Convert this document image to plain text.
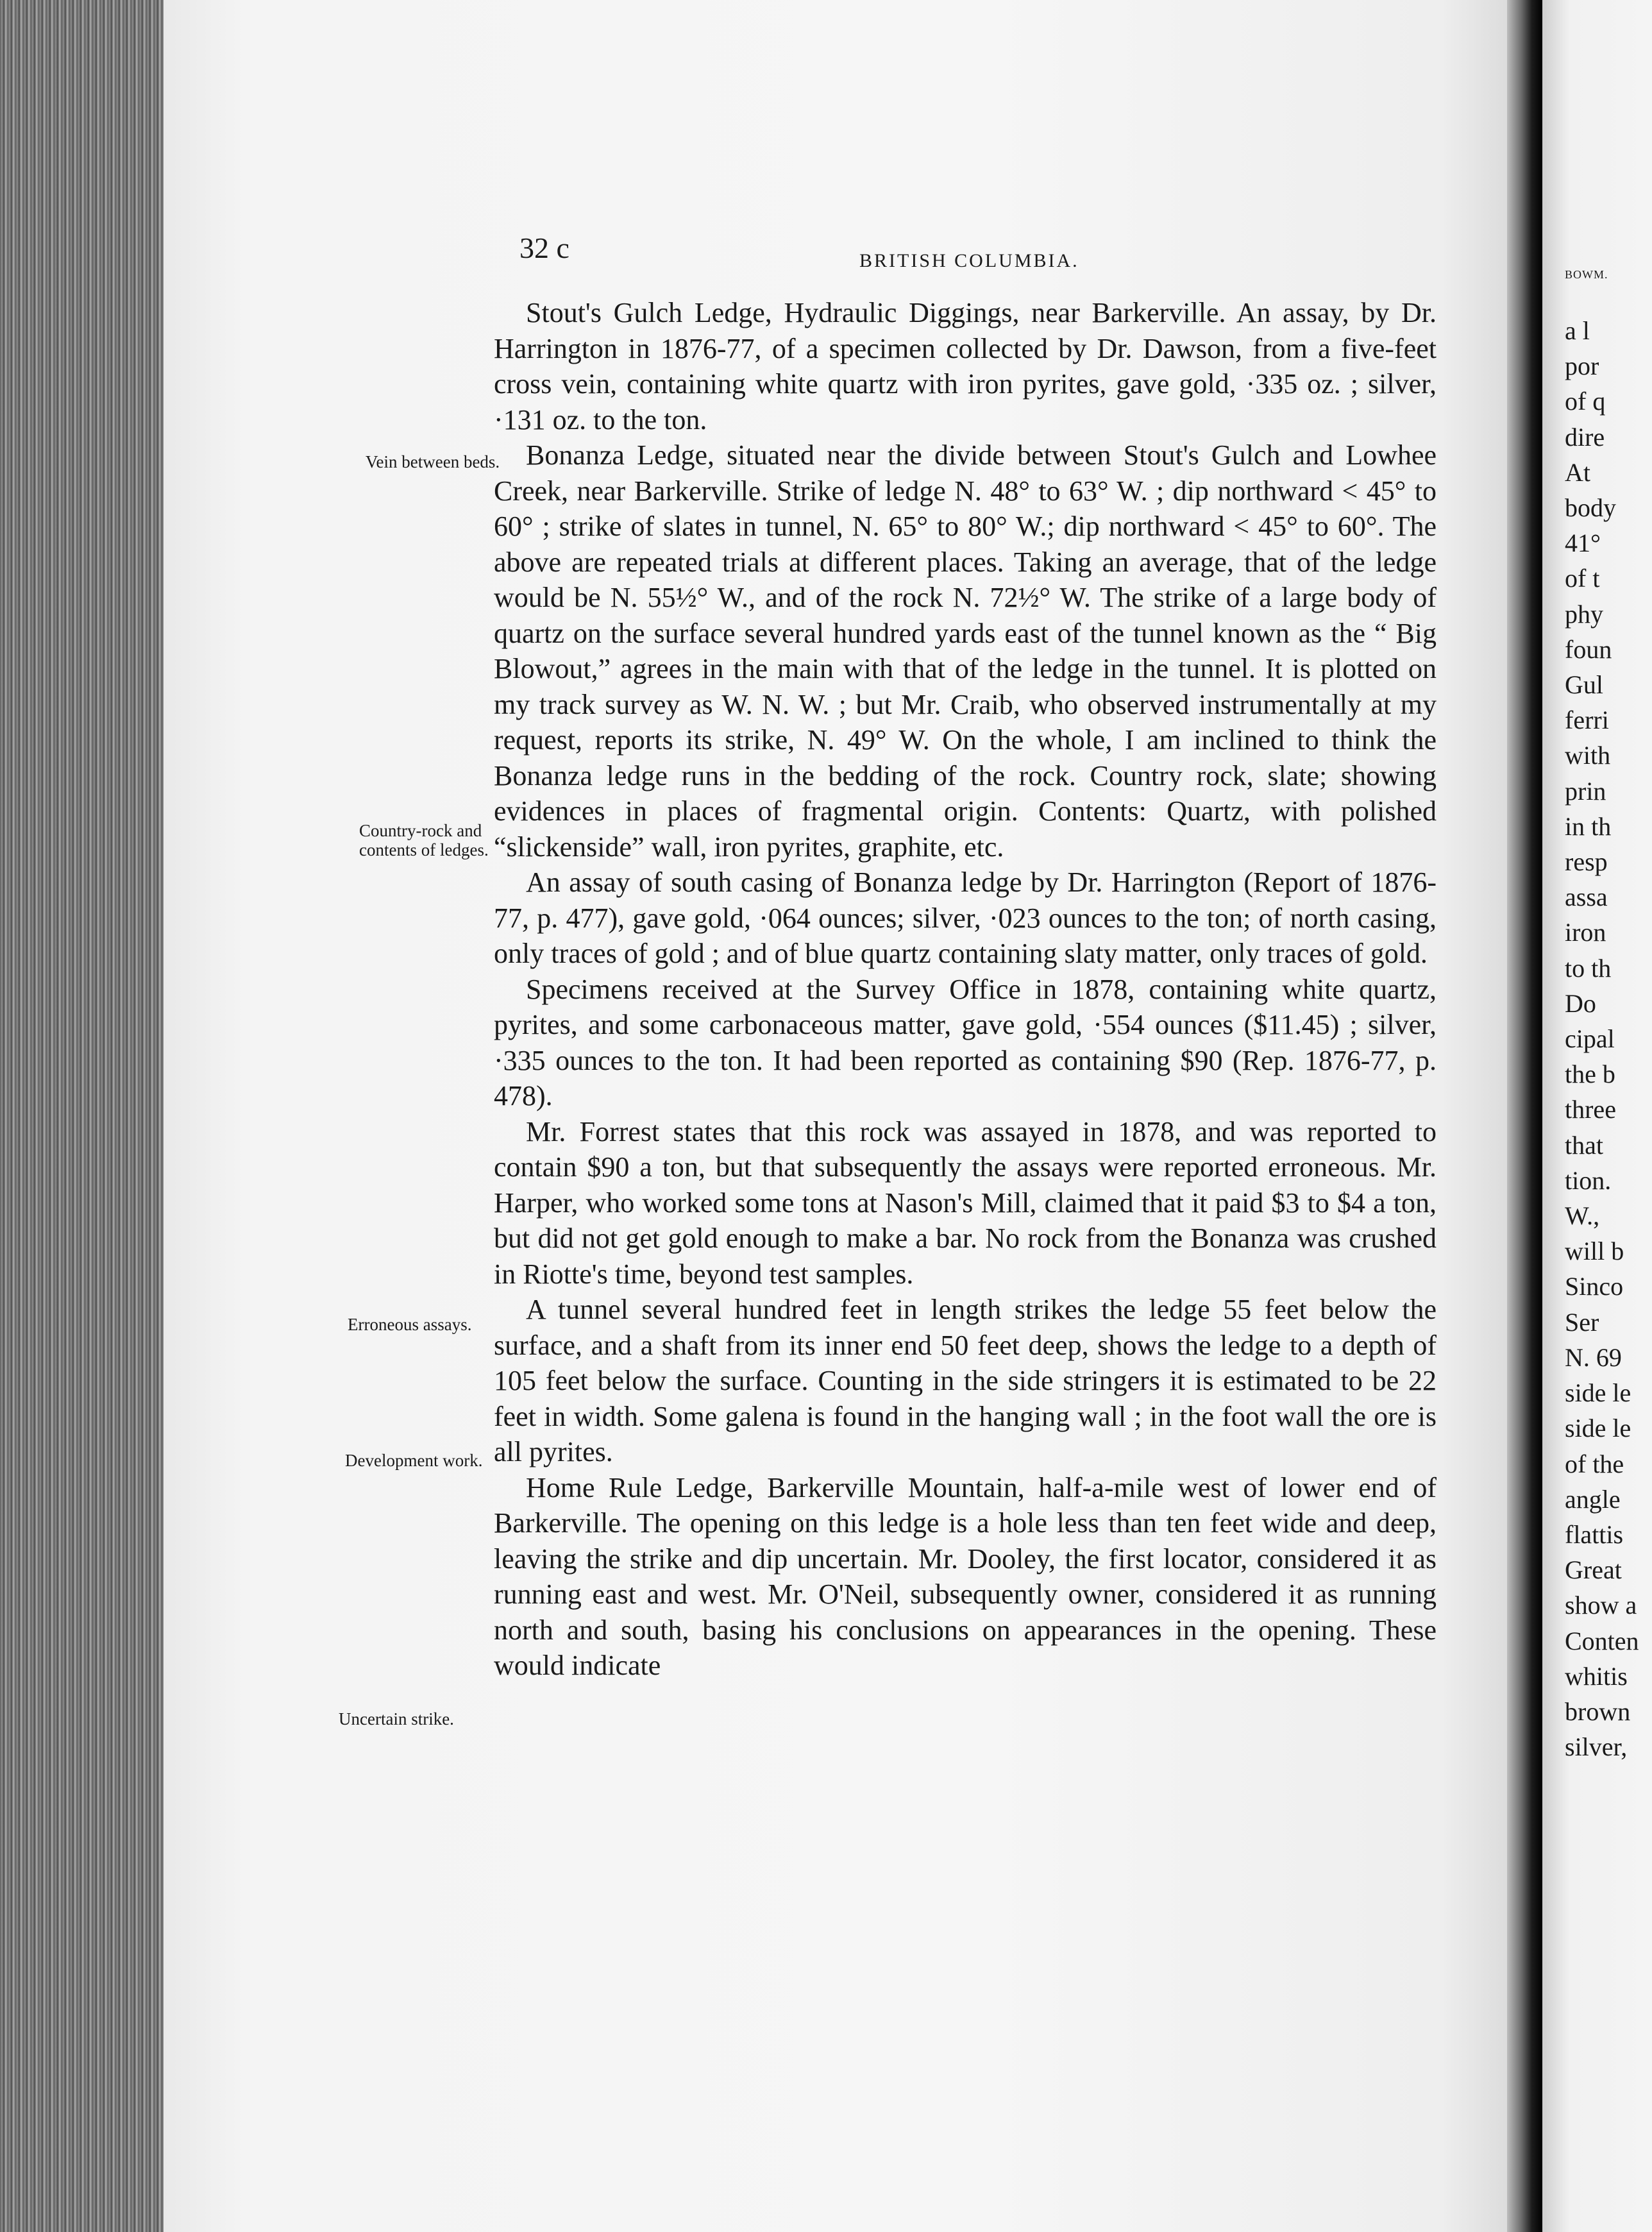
32 c	BRITISH COLUMBIA.
Vein between beds.
Country-rock and contents of ledges.
Erroneous assays.
Development work.
Uncertain strike.

Stout's Gulch Ledge, Hydraulic Diggings, near Barkerville. An assay, by Dr. Harrington in 1876-77, of a specimen collected by Dr. Dawson, from a five-feet cross vein, containing white quartz with iron pyrites, gave gold, ·335 oz. ; silver, ·131 oz. to the ton.

Bonanza Ledge, situated near the divide between Stout's Gulch and Lowhee Creek, near Barkerville. Strike of ledge N. 48° to 63° W. ; dip northward < 45° to 60° ; strike of slates in tunnel, N. 65° to 80° W.; dip northward < 45° to 60°. The above are repeated trials at different places. Taking an average, that of the ledge would be N. 55½° W., and of the rock N. 72½° W. The strike of a large body of quartz on the surface several hundred yards east of the tunnel known as the “ Big Blowout,” agrees in the main with that of the ledge in the tunnel. It is plotted on my track survey as W. N. W. ; but Mr. Craib, who observed instrumentally at my request, reports its strike, N. 49° W. On the whole, I am inclined to think the Bonanza ledge runs in the bedding of the rock. Country rock, slate; showing evidences in places of fragmental origin. Contents: Quartz, with polished “slickenside” wall, iron pyrites, graphite, etc.

An assay of south casing of Bonanza ledge by Dr. Harrington (Report of 1876-77, p. 477), gave gold, ·064 ounces; silver, ·023 ounces to the ton; of north casing, only traces of gold ; and of blue quartz containing slaty matter, only traces of gold.

Specimens received at the Survey Office in 1878, containing white quartz, pyrites, and some carbonaceous matter, gave gold, ·554 ounces ($11.45) ; silver, ·335 ounces to the ton. It had been reported as containing $90 (Rep. 1876-77, p. 478).

Mr. Forrest states that this rock was assayed in 1878, and was reported to contain $90 a ton, but that subsequently the assays were reported erroneous. Mr. Harper, who worked some tons at Nason's Mill, claimed that it paid $3 to $4 a ton, but did not get gold enough to make a bar. No rock from the Bonanza was crushed in Riotte's time, beyond test samples.

A tunnel several hundred feet in length strikes the ledge 55 feet below the surface, and a shaft from its inner end 50 feet deep, shows the ledge to a depth of 105 feet below the surface. Counting in the side stringers it is estimated to be 22 feet in width. Some galena is found in the hanging wall ; in the foot wall the ore is all pyrites.

Home Rule Ledge, Barkerville Mountain, half-a-mile west of lower end of Barkerville. The opening on this ledge is a hole less than ten feet wide and deep, leaving the strike and dip uncertain. Mr. Dooley, the first locator, considered it as running east and west. Mr. O'Neil, subsequently owner, considered it as running north and south, basing his conclusions on appearances in the opening. These would indicate

BOWM.
a l
por
of q
dire
At
body
41°
of t
phy
foun
Gul
ferri
with
prin
in th
resp
assa
iron
to th
Do
cipal
the b
three
that
tion.
W.,
will b
Sinco
Ser
N. 69
side le
side le
of the
angle
flattis
Great
show a
Conten
whitis
brown
silver,
